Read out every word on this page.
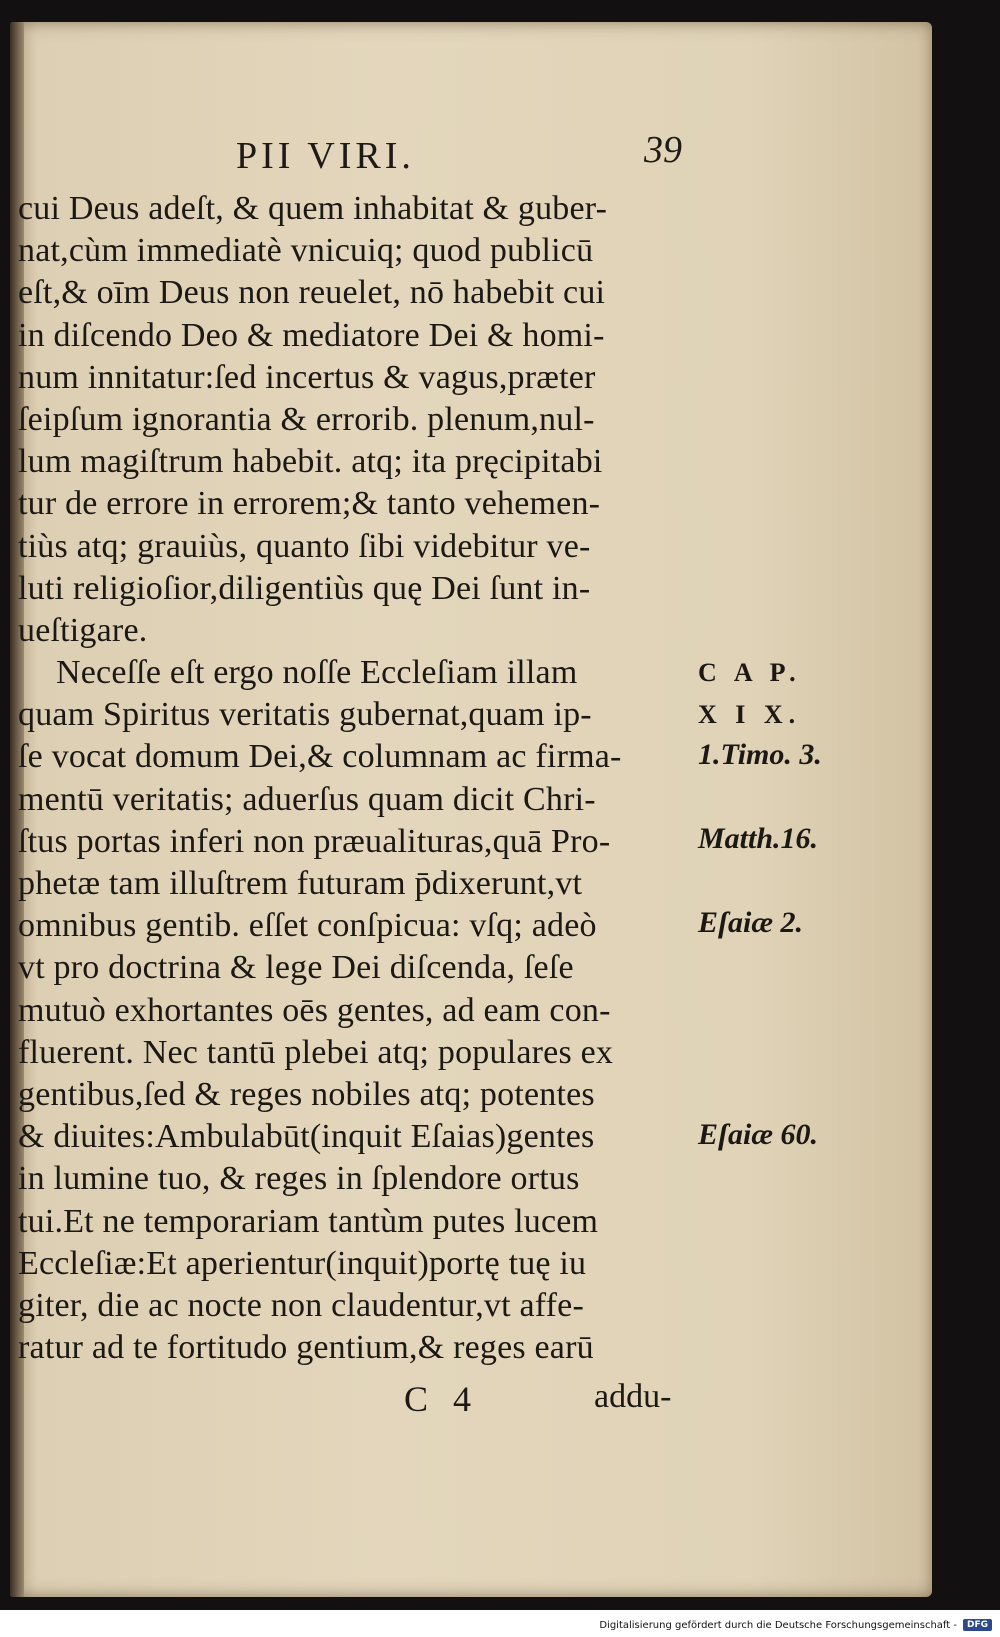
PII VIRI.	39
cui Deus adeſt, & quem inhabitat & guber-
nat,cùm immediatè vnicuiq; quod publicū
eſt,& oīm Deus non reuelet, nō habebit cui
in diſcendo Deo & mediatore Dei & homi-
num innitatur:ſed incertus & vagus,præter
ſeipſum ignorantia & errorib. plenum,nul-
lum magiſtrum habebit. atq; ita pręcipitabi
tur de errore in errorem;& tanto vehemen-
tiùs atq; grauiùs, quanto ſibi videbitur ve-
luti religioſior,diligentiùs quę Dei ſunt in-
ueſtigare.
Neceſſe eſt ergo noſſe Eccleſiam illam
quam Spiritus veritatis gubernat,quam ip-
ſe vocat domum Dei,& columnam ac firma-
mentū veritatis; aduerſus quam dicit Chri-
ſtus portas inferi non præualituras,quā Pro-
phetæ tam illuſtrem futuram p̄dixerunt,vt
omnibus gentib. eſſet conſpicua: vſq; adeò
vt pro doctrina & lege Dei diſcenda, ſeſe
mutuò exhortantes oēs gentes, ad eam con-
fluerent. Nec tantū plebei atq; populares ex
gentibus,ſed & reges nobiles atq; potentes
& diuites:Ambulabūt(inquit Eſaias)gentes
in lumine tuo, & reges in ſplendore ortus
tui.Et ne temporariam tantùm putes lucem
Eccleſiæ:Et aperientur(inquit)portę tuę iu
giter, die ac nocte non claudentur,vt affe-
ratur ad te fortitudo gentium,& reges earū
C A P.
X I X.
1.Timo. 3.
Matth.16.
Eſaiæ 2.
Eſaiæ 60.
C 4	addu-
Digitalisierung gefördert durch die Deutsche Forschungsgemeinschaft -	DFG
